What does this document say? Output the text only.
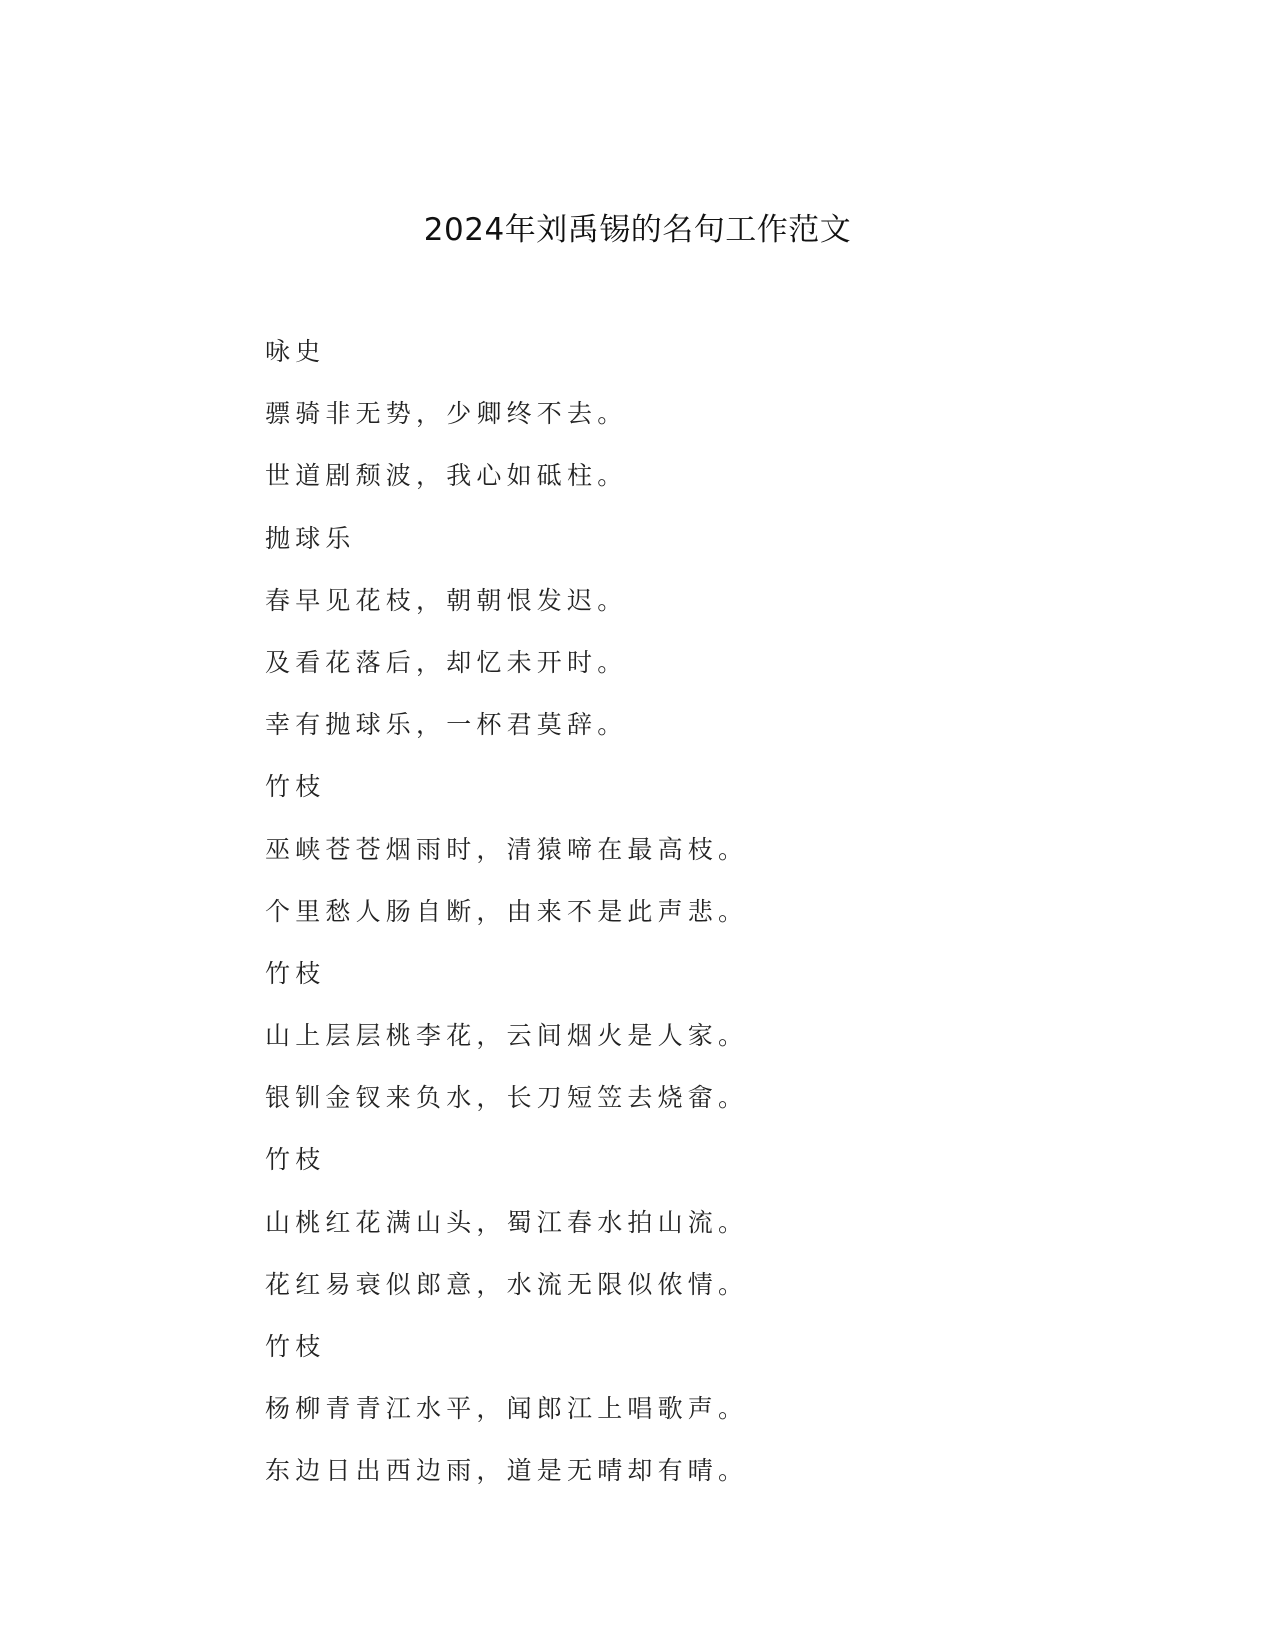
2024年刘禹锡的名句工作范文
咏史
骠骑非无势，少卿终不去。
世道剧颓波，我心如砥柱。
抛球乐
春早见花枝，朝朝恨发迟。
及看花落后，却忆未开时。
幸有抛球乐，一杯君莫辞。
竹枝
巫峡苍苍烟雨时，清猿啼在最高枝。
个里愁人肠自断，由来不是此声悲。
竹枝
山上层层桃李花，云间烟火是人家。
银钏金钗来负水，长刀短笠去烧畲。
竹枝
山桃红花满山头，蜀江春水拍山流。
花红易衰似郎意，水流无限似侬情。
竹枝
杨柳青青江水平，闻郎江上唱歌声。
东边日出西边雨，道是无晴却有晴。
